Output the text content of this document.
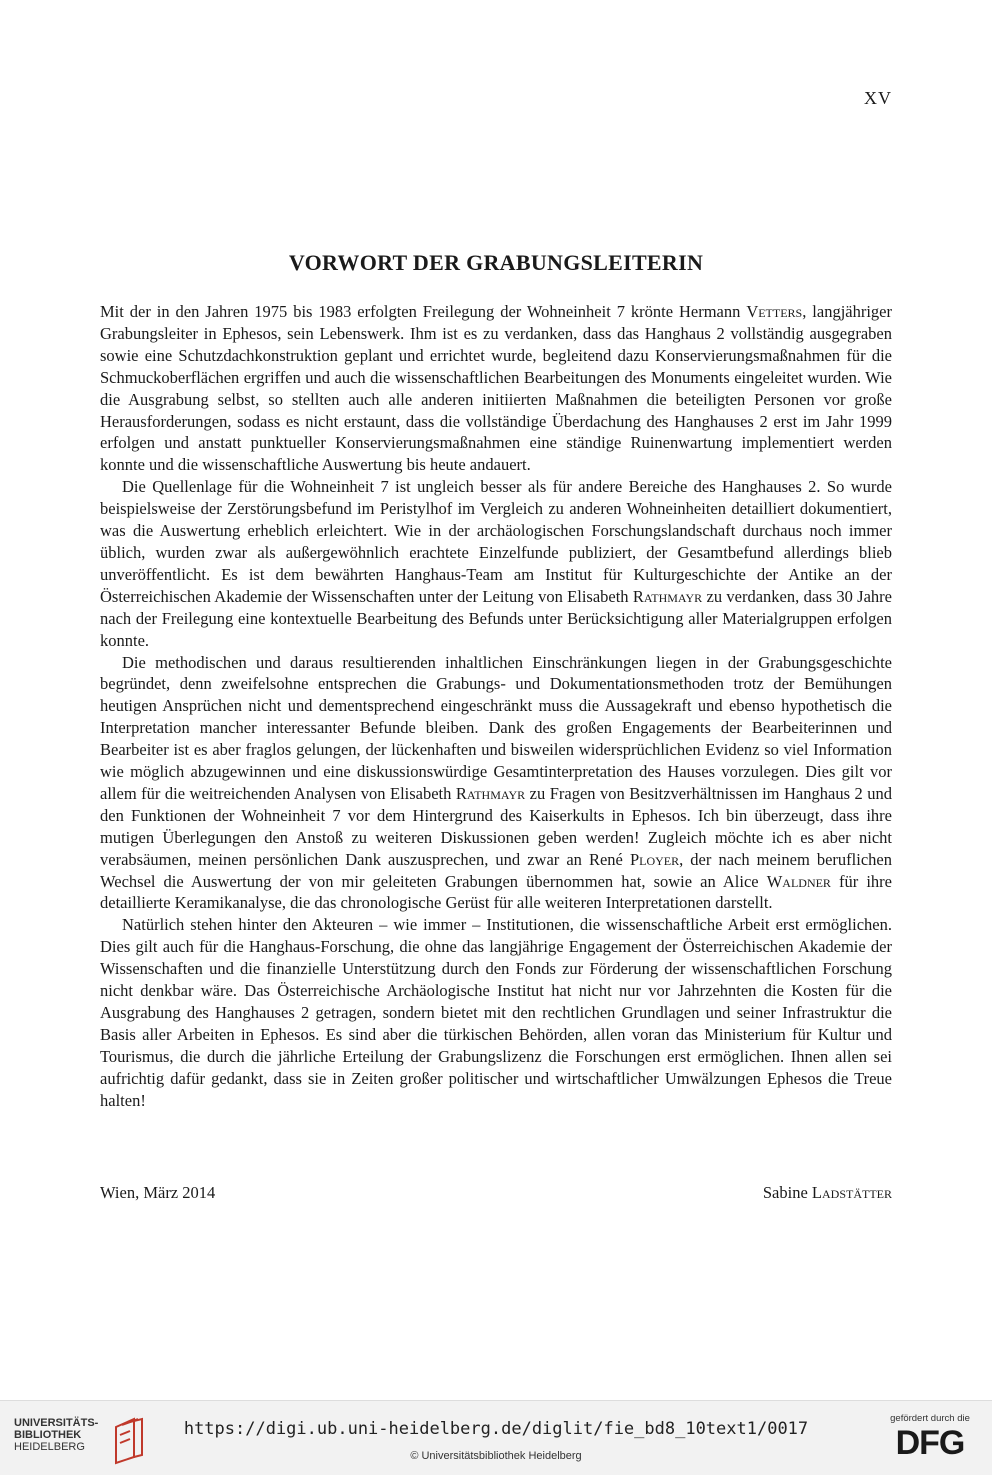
XV
VORWORT DER GRABUNGSLEITERIN

Mit der in den Jahren 1975 bis 1983 erfolgten Freilegung der Wohneinheit 7 krönte Hermann Vetters, langjähriger Grabungsleiter in Ephesos, sein Lebenswerk. Ihm ist es zu verdanken, dass das Hanghaus 2 vollständig ausgegraben sowie eine Schutzdachkonstruktion geplant und errichtet wurde, begleitend dazu Konservierungsmaßnahmen für die Schmuckoberflächen ergriffen und auch die wissenschaftlichen Bearbeitungen des Monuments eingeleitet wurden. Wie die Ausgrabung selbst, so stellten auch alle anderen initiierten Maßnahmen die beteiligten Personen vor große Herausforderungen, sodass es nicht erstaunt, dass die vollständige Überdachung des Hanghauses 2 erst im Jahr 1999 erfolgen und anstatt punktueller Konservierungsmaßnahmen eine ständige Ruinenwartung implementiert werden konnte und die wissenschaftliche Auswertung bis heute andauert.

Die Quellenlage für die Wohneinheit 7 ist ungleich besser als für andere Bereiche des Hanghauses 2. So wurde beispielsweise der Zerstörungsbefund im Peristylhof im Vergleich zu anderen Wohneinheiten detailliert dokumentiert, was die Auswertung erheblich erleichtert. Wie in der archäologischen Forschungslandschaft durchaus noch immer üblich, wurden zwar als außergewöhnlich erachtete Einzelfunde publiziert, der Gesamtbefund allerdings blieb unveröffentlicht. Es ist dem bewährten Hanghaus-Team am Institut für Kulturgeschichte der Antike an der Österreichischen Akademie der Wissenschaften unter der Leitung von Elisabeth Rathmayr zu verdanken, dass 30 Jahre nach der Freilegung eine kontextuelle Bearbeitung des Befunds unter Berücksichtigung aller Materialgruppen erfolgen konnte.

Die methodischen und daraus resultierenden inhaltlichen Einschränkungen liegen in der Grabungsgeschichte begründet, denn zweifelsohne entsprechen die Grabungs- und Dokumentationsmethoden trotz der Bemühungen heutigen Ansprüchen nicht und dementsprechend eingeschränkt muss die Aussagekraft und ebenso hypothetisch die Interpretation mancher interessanter Befunde bleiben. Dank des großen Engagements der Bearbeiterinnen und Bearbeiter ist es aber fraglos gelungen, der lückenhaften und bisweilen widersprüchlichen Evidenz so viel Information wie möglich abzugewinnen und eine diskussionswürdige Gesamtinterpretation des Hauses vorzulegen. Dies gilt vor allem für die weitreichenden Analysen von Elisabeth Rathmayr zu Fragen von Besitzverhältnissen im Hanghaus 2 und den Funktionen der Wohneinheit 7 vor dem Hintergrund des Kaiserkults in Ephesos. Ich bin überzeugt, dass ihre mutigen Überlegungen den Anstoß zu weiteren Diskussionen geben werden! Zugleich möchte ich es aber nicht verabsäumen, meinen persönlichen Dank auszusprechen, und zwar an René Ployer, der nach meinem beruflichen Wechsel die Auswertung der von mir geleiteten Grabungen übernommen hat, sowie an Alice Waldner für ihre detaillierte Keramikanalyse, die das chronologische Gerüst für alle weiteren Interpretationen darstellt.

Natürlich stehen hinter den Akteuren – wie immer – Institutionen, die wissenschaftliche Arbeit erst ermöglichen. Dies gilt auch für die Hanghaus-Forschung, die ohne das langjährige Engagement der Österreichischen Akademie der Wissenschaften und die finanzielle Unterstützung durch den Fonds zur Förderung der wissenschaftlichen Forschung nicht denkbar wäre. Das Österreichische Archäologische Institut hat nicht nur vor Jahrzehnten die Kosten für die Ausgrabung des Hanghauses 2 getragen, sondern bietet mit den rechtlichen Grundlagen und seiner Infrastruktur die Basis aller Arbeiten in Ephesos. Es sind aber die türkischen Behörden, allen voran das Ministerium für Kultur und Tourismus, die durch die jährliche Erteilung der Grabungslizenz die Forschungen erst ermöglichen. Ihnen allen sei aufrichtig dafür gedankt, dass sie in Zeiten großer politischer und wirtschaftlicher Umwälzungen Ephesos die Treue halten!

Wien, März 2014	Sabine Ladstätter
UNIVERSITÄTS-
BIBLIOTHEK
HEIDELBERG
https://digi.ub.uni-heidelberg.de/diglit/fie_bd8_10text1/0017
© Universitätsbibliothek Heidelberg
gefördert durch die
DFG
